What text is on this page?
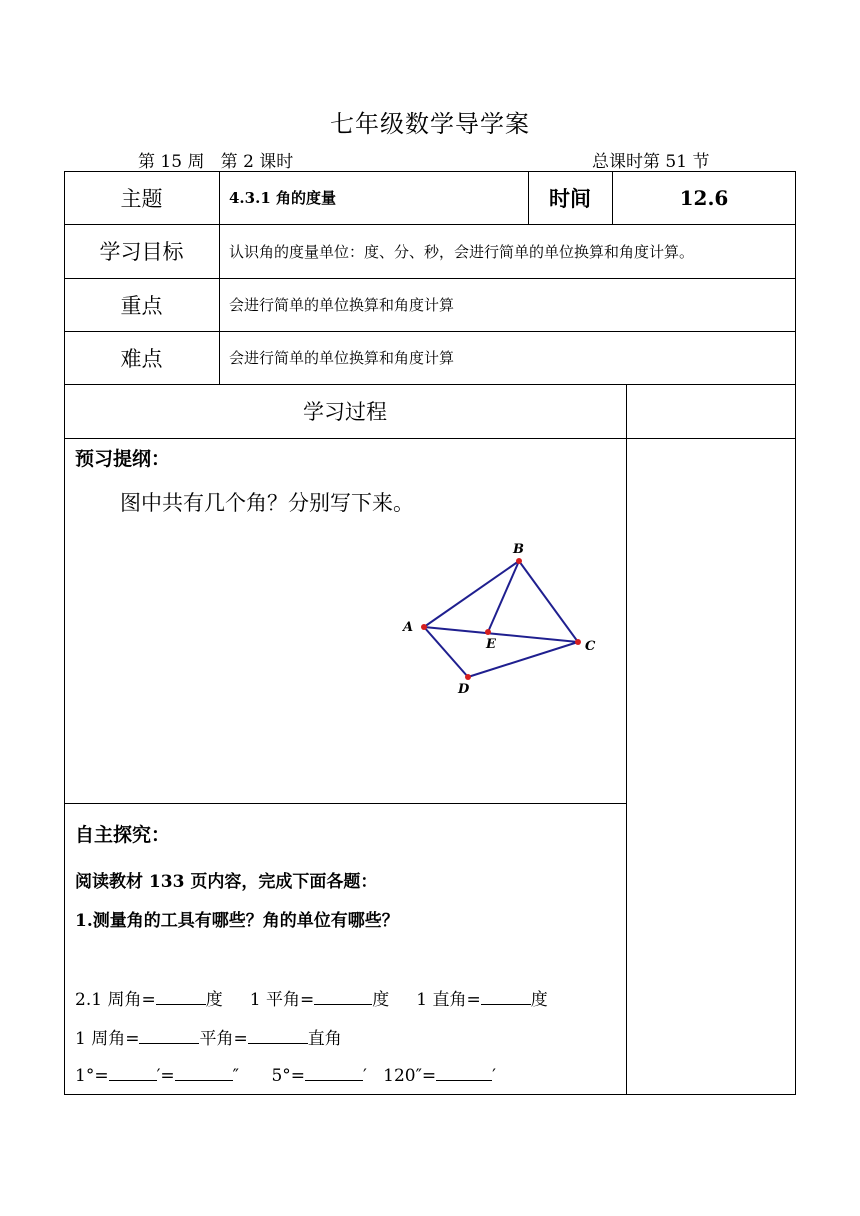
七年级数学导学案
第 15 周 第 2 课时	总课时第 51 节
主题	4.3.1 角的度量	时间	12.6
学习目标	认识角的度量单位：度、分、秒，会进行简单的单位换算和角度计算。
重点	会进行简单的单位换算和角度计算
难点	会进行简单的单位换算和角度计算
学习过程
预习提纲：
图中共有几个角？分别写下来。
A
B
C
D
E
自主探究：
阅读教材 133 页内容，完成下面各题：
1.测量角的工具有哪些？角的单位有哪些？
2.1 周角=	度 1 平角=	度 1 直角=	度
1 周角=	平角=	直角
1°=	′=	″ 5°=	′ 120″=	′
